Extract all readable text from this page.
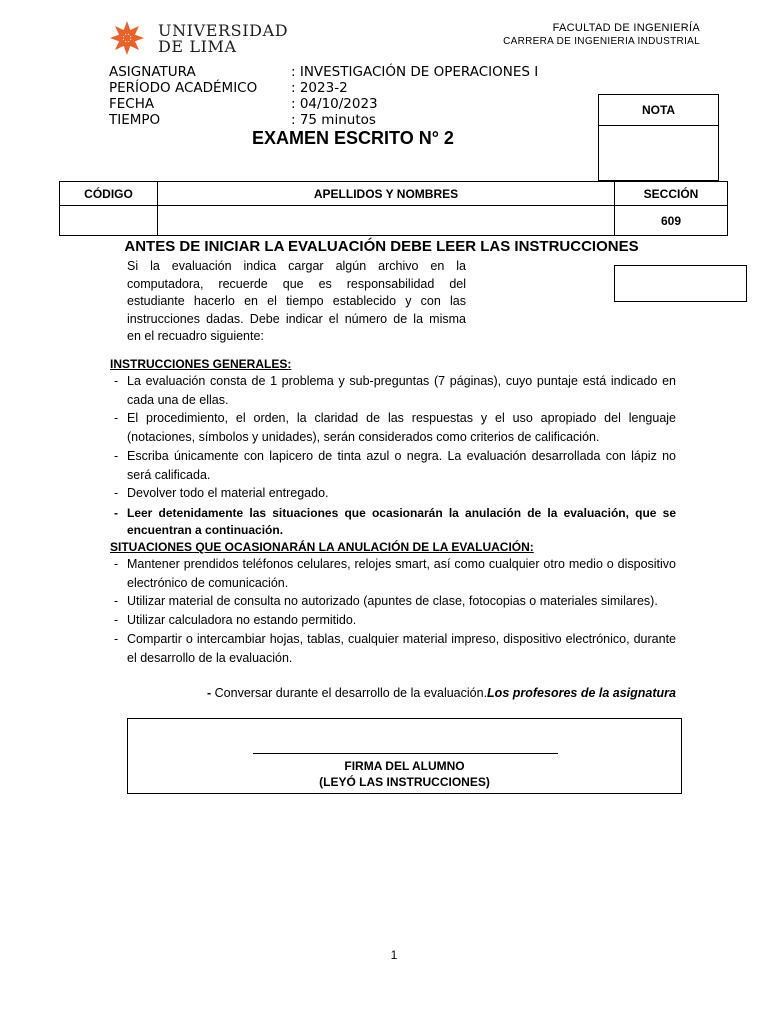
UNIVERSIDAD
DE LIMA
FACULTAD DE INGENIERÍA
CARRERA DE INGENIERIA INDUSTRIAL
ASIGNATURA	: INVESTIGACIÓN DE OPERACIONES I
PERÍODO ACADÉMICO	: 2023-2
FECHA	: 04/10/2023
TIEMPO	: 75 minutos
NOTA
EXAMEN ESCRITO N° 2
CÓDIGO	APELLIDOS Y NOMBRES	SECCIÓN
		609
ANTES DE INICIAR LA EVALUACIÓN DEBE LEER LAS INSTRUCCIONES
Si la evaluación indica cargar algún archivo en la
computadora, recuerde que es responsabilidad del
estudiante hacerlo en el tiempo establecido y con las
instrucciones dadas. Debe indicar el número de la misma
en el recuadro siguiente:
INSTRUCCIONES GENERALES:
- La evaluación consta de 1 problema y sub-preguntas (7 páginas), cuyo puntaje está indicado en cada una de ellas.
- El procedimiento, el orden, la claridad de las respuestas y el uso apropiado del lenguaje (notaciones, símbolos y unidades), serán considerados como criterios de calificación.
- Escriba únicamente con lapicero de tinta azul o negra. La evaluación desarrollada con lápiz no será calificada.
- Devolver todo el material entregado.
- Leer detenidamente las situaciones que ocasionarán la anulación de la evaluación, que se encuentran a continuación.
SITUACIONES QUE OCASIONARÁN LA ANULACIÓN DE LA EVALUACIÓN:
- Mantener prendidos teléfonos celulares, relojes smart, así como cualquier otro medio o dispositivo electrónico de comunicación.
- Utilizar material de consulta no autorizado (apuntes de clase, fotocopias o materiales similares).
- Utilizar calculadora no estando permitido.
- Compartir o intercambiar hojas, tablas, cualquier material impreso, dispositivo electrónico, durante el desarrollo de la evaluación.
- Conversar durante el desarrollo de la evaluación.Los profesores de la asignatura
FIRMA DEL ALUMNO
(LEYÓ LAS INSTRUCCIONES)
1
